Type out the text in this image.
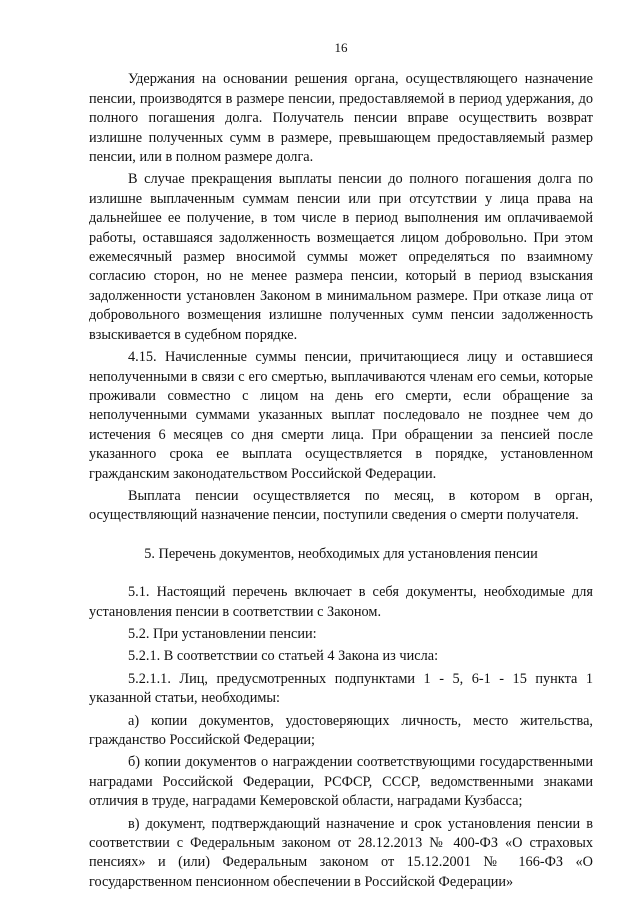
16

Удержания на основании решения органа, осуществляющего назначение пенсии, производятся в размере пенсии, предоставляемой в период удержания, до полного погашения долга. Получатель пенсии вправе осуществить возврат излишне полученных сумм в размере, превышающем предоставляемый размер пенсии, или в полном размере долга.

В случае прекращения выплаты пенсии до полного погашения долга по излишне выплаченным суммам пенсии или при отсутствии у лица права на дальнейшее ее получение, в том числе в период выполнения им оплачиваемой работы, оставшаяся задолженность возмещается лицом добровольно. При этом ежемесячный размер вносимой суммы может определяться по взаимному согласию сторон, но не менее размера пенсии, который в период взыскания задолженности установлен Законом в минимальном размере. При отказе лица от добровольного возмещения излишне полученных сумм пенсии задолженность взыскивается в судебном порядке.

4.15. Начисленные суммы пенсии, причитающиеся лицу и оставшиеся неполученными в связи с его смертью, выплачиваются членам его семьи, которые проживали совместно с лицом на день его смерти, если обращение за неполученными суммами указанных выплат последовало не позднее чем до истечения 6 месяцев со дня смерти лица. При обращении за пенсией после указанного срока ее выплата осуществляется в порядке, установленном гражданским законодательством Российской Федерации.

Выплата пенсии осуществляется по месяц, в котором в орган, осуществляющий назначение пенсии, поступили сведения о смерти получателя.

5. Перечень документов, необходимых для установления пенсии

5.1. Настоящий перечень включает в себя документы, необходимые для установления пенсии в соответствии с Законом.

5.2. При установлении пенсии:

5.2.1. В соответствии со статьей 4 Закона из числа:

5.2.1.1. Лиц, предусмотренных подпунктами 1 - 5, 6-1 - 15 пункта 1 указанной статьи, необходимы:

а) копии документов, удостоверяющих личность, место жительства, гражданство Российской Федерации;

б) копии документов о награждении соответствующими государственными наградами Российской Федерации, РСФСР, СССР, ведомственными знаками отличия в труде, наградами Кемеровской области, наградами Кузбасса;

в) документ, подтверждающий назначение и срок установления пенсии в соответствии с Федеральным законом от 28.12.2013 № 400-ФЗ «О страховых пенсиях» и (или) Федеральным законом от 15.12.2001 № 166-ФЗ «О государственном пенсионном обеспечении в Российской Федерации»
